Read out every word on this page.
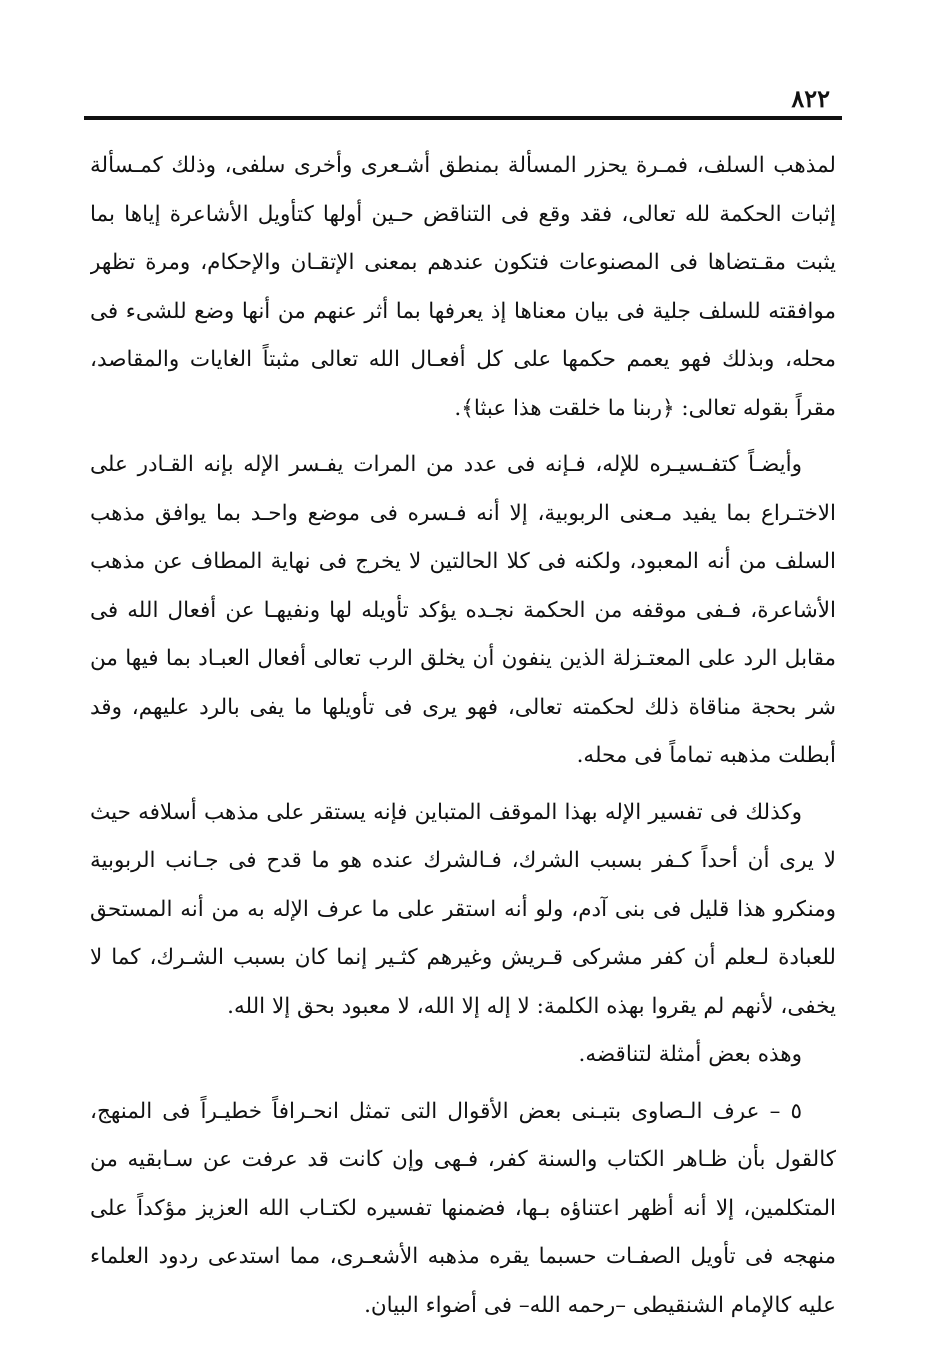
٨٢٢
لمذهب السلف، فمـرة يحزر المسألة بمنطق أشـعرى وأخرى سلفى، وذلك كمـسألة
إثبات الحكمة لله تعالى، فقد وقع فى التناقض حـين أولها كتأويل الأشاعرة إياها بما
يثبت مقـتضاها فى المصنوعات فتكون عندهم بمعنى الإتقـان والإحكام، ومرة تظهر
موافقته للسلف جلية فى بيان معناها إذ يعرفها بما أثر عنهم من أنها وضع للشىء فى
محله، وبذلك فهو يعمم حكمها على كل أفعـال الله تعالى مثبتاً الغايات والمقاصد،
مقراً بقوله تعالى: ﴿ربنا ما خلقت هذا عبثا﴾.
وأيضـاً كتفـسيـره للإله، فـإنه فى عدد من المرات يفـسر الإله بإنه القـادر على
الاختـراع بما يفيد مـعنى الربوبية، إلا أنه فـسره فى موضع واحـد بما يوافق مذهب
السلف من أنه المعبود، ولكنه فى كلا الحالتين لا يخرج فى نهاية المطاف عن مذهب
الأشاعرة، فـفى موقفه من الحكمة نجـده يؤكد تأويله لها ونفيهـا عن أفعال الله فى
مقابل الرد على المعتـزلة الذين ينفون أن يخلق الرب تعالى أفعال العبـاد بما فيها من
شر بحجة مناقاة ذلك لحكمته تعالى، فهو يرى فى تأويلها ما يفى بالرد عليهم، وقد
أبطلت مذهبه تماماً فى محله.
وكذلك فى تفسير الإله بهذا الموقف المتباين فإنه يستقر على مذهب أسلافه حيث
لا يرى أن أحداً كـفر بسبب الشرك، فـالشرك عنده هو ما قدح فى جـانب الربوبية
ومنكرو هذا قليل فى بنى آدم، ولو أنه استقر على ما عرف الإله به من أنه المستحق
للعبادة لـعلم أن كفر مشركى قـريش وغيرهم كثـير إنما كان بسبب الشـرك، كما لا
يخفى، لأنهم لم يقروا بهذه الكلمة: لا إله إلا الله، لا معبود بحق إلا الله.
وهذه بعض أمثلة لتناقضه.
٥ – عرف الـصاوى بتبـنى بعض الأقوال التى تمثل انحـرافاً خطيـراً فى المنهج،
كالقول بأن ظـاهر الكتاب والسنة كفر، فـهى وإن كانت قد عرفت عن سـابقيه من
المتكلمين، إلا أنه أظهر اعتناؤه بـها، فضمنها تفسيره لكتـاب الله العزيز مؤكداً على
منهجه فى تأويل الصفـات حسبما يقره مذهبه الأشعـرى، مما استدعى ردود العلماء
عليه كالإمام الشنقيطى –رحمه الله– فى أضواء البيان.
